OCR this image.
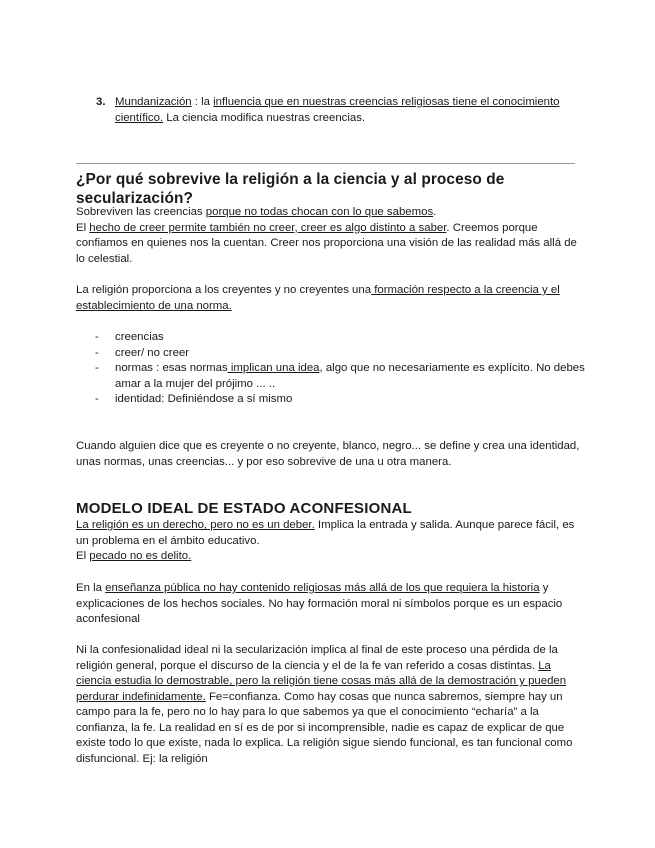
3. Mundanización : la influencia que en nuestras creencias religiosas tiene el conocimiento científico. La ciencia modifica nuestras creencias.
¿Por qué sobrevive la religión a la ciencia y al proceso de secularización?

Sobreviven las creencias porque no todas chocan con lo que sabemos.

El hecho de creer permite también no creer, creer es algo distinto a saber. Creemos porque confiamos en quienes nos la cuentan. Creer nos proporciona una visión de las realidad más allá de lo celestial.

La religión proporciona a los creyentes y no creyentes una formación respecto a la creencia y el establecimiento de una norma.
- creencias
- creer/ no creer
- normas : esas normas implican una idea, algo que no necesariamente es explícito. No debes amar a la mujer del prójimo ... ..
- identidad: Definiéndose a sí mismo
Cuando alguien dice que es creyente o no creyente, blanco, negro... se define y crea una identidad, unas normas, unas creencias... y por eso sobrevive de una u otra manera.
MODELO IDEAL DE ESTADO ACONFESIONAL

La religión es un derecho, pero no es un deber. Implica la entrada y salida. Aunque parece fácil, es un problema en el ámbito educativo.

El pecado no es delito.

En la enseñanza pública no hay contenido religiosas más allá de los que requiera la historia y explicaciones de los hechos sociales. No hay formación moral ni símbolos porque es un espacio aconfesional
Ni la confesionalidad ideal ni la secularización implica al final de este proceso una pérdida de la religión general, porque el discurso de la ciencia y el de la fe van referido a cosas distintas. La ciencia estudia lo demostrable, pero la religión tiene cosas más allá de la demostración y pueden perdurar indefinidamente. Fe=confianza. Como hay cosas que nunca sabremos, siempre hay un campo para la fe, pero no lo hay para lo que sabemos ya que el conocimiento “echaría” a la confianza, la fe. La realidad en sí es de por si incomprensible, nadie es capaz de explicar de que existe todo lo que existe, nada lo explica. La religión sigue siendo funcional, es tan funcional como disfuncional. Ej: la religión
